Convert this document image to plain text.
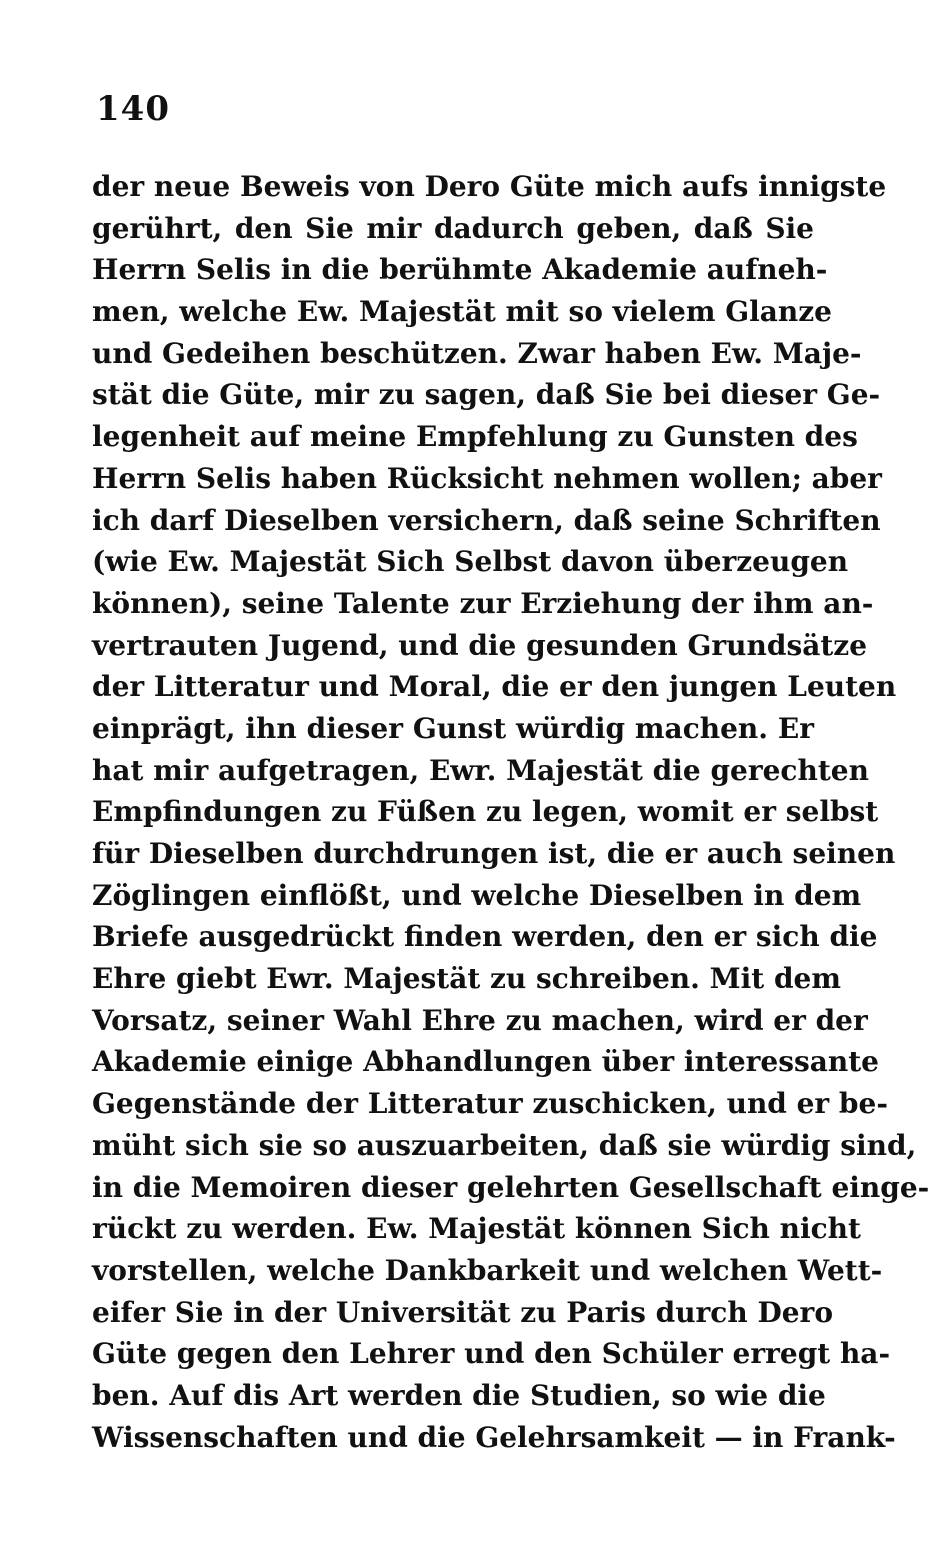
140
der neue Beweis von Dero Güte mich aufs innigste
gerührt, den Sie mir dadurch geben, daß Sie
Herrn Selis in die berühmte Akademie aufneh-
men, welche Ew. Majestät mit so vielem Glanze
und Gedeihen beschützen. Zwar haben Ew. Maje-
stät die Güte, mir zu sagen, daß Sie bei dieser Ge-
legenheit auf meine Empfehlung zu Gunsten des
Herrn Selis haben Rücksicht nehmen wollen; aber
ich darf Dieselben versichern, daß seine Schriften
(wie Ew. Majestät Sich Selbst davon überzeugen
können), seine Talente zur Erziehung der ihm an-
vertrauten Jugend, und die gesunden Grundsätze
der Litteratur und Moral, die er den jungen Leuten
einprägt, ihn dieser Gunst würdig machen. Er
hat mir aufgetragen, Ewr. Majestät die gerechten
Empfindungen zu Füßen zu legen, womit er selbst
für Dieselben durchdrungen ist, die er auch seinen
Zöglingen einflößt, und welche Dieselben in dem
Briefe ausgedrückt finden werden, den er sich die
Ehre giebt Ewr. Majestät zu schreiben. Mit dem
Vorsatz, seiner Wahl Ehre zu machen, wird er der
Akademie einige Abhandlungen über interessante
Gegenstände der Litteratur zuschicken, und er be-
müht sich sie so auszuarbeiten, daß sie würdig sind,
in die Memoiren dieser gelehrten Gesellschaft einge-
rückt zu werden. Ew. Majestät können Sich nicht
vorstellen, welche Dankbarkeit und welchen Wett-
eifer Sie in der Universität zu Paris durch Dero
Güte gegen den Lehrer und den Schüler erregt ha-
ben. Auf dis Art werden die Studien, so wie die
Wissenschaften und die Gelehrsamkeit — in Frank-
